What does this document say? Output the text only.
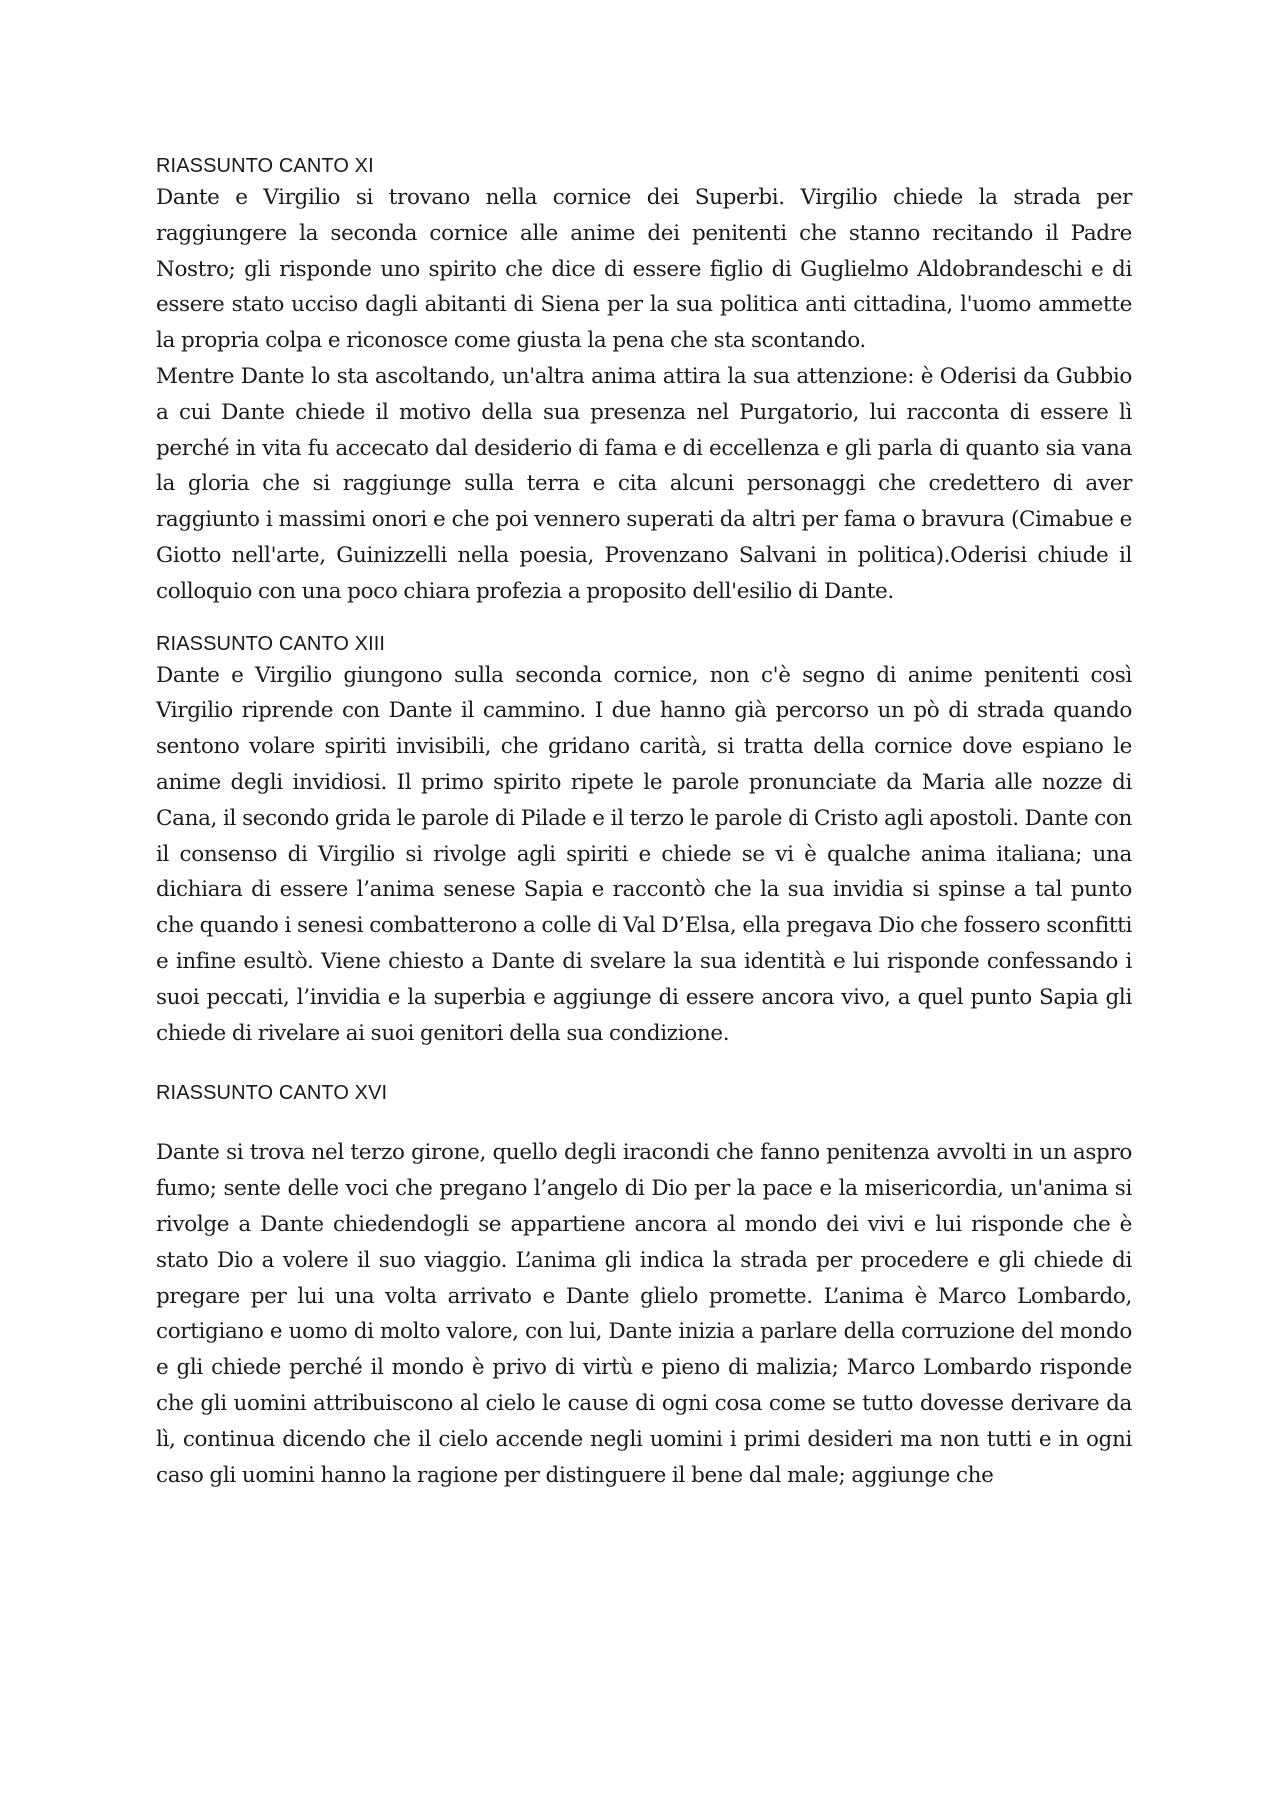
RIASSUNTO CANTO XI

Dante e Virgilio si trovano nella cornice dei Superbi. Virgilio chiede la strada per raggiungere la seconda cornice alle anime dei penitenti che stanno recitando il Padre Nostro; gli risponde uno spirito che dice di essere figlio di Guglielmo Aldobrandeschi e di essere stato ucciso dagli abitanti di Siena per la sua politica anti cittadina, l'uomo ammette la propria colpa e riconosce come giusta la pena che sta scontando.

Mentre Dante lo sta ascoltando, un'altra anima attira la sua attenzione: è Oderisi da Gubbio a cui Dante chiede il motivo della sua presenza nel Purgatorio, lui racconta di essere lì perché in vita fu accecato dal desiderio di fama e di eccellenza e gli parla di quanto sia vana la gloria che si raggiunge sulla terra e cita alcuni personaggi che credettero di aver raggiunto i massimi onori e che poi vennero superati da altri per fama o bravura (Cimabue e Giotto nell'arte, Guinizzelli nella poesia, Provenzano Salvani in politica).Oderisi chiude il colloquio con una poco chiara profezia a proposito dell'esilio di Dante.

RIASSUNTO CANTO XIII

Dante e Virgilio giungono sulla seconda cornice, non c'è segno di anime penitenti così Virgilio riprende con Dante il cammino. I due hanno già percorso un pò di strada quando sentono volare spiriti invisibili, che gridano carità, si tratta della cornice dove espiano le anime degli invidiosi. Il primo spirito ripete le parole pronunciate da Maria alle nozze di Cana, il secondo grida le parole di Pilade e il terzo le parole di Cristo agli apostoli. Dante con il consenso di Virgilio si rivolge agli spiriti e chiede se vi è qualche anima italiana; una dichiara di essere l’anima senese Sapia e raccontò che la sua invidia si spinse a tal punto che quando i senesi combatterono a colle di Val D’Elsa, ella pregava Dio che fossero sconfitti e infine esultò. Viene chiesto a Dante di svelare la sua identità e lui risponde confessando i suoi peccati, l’invidia e la superbia e aggiunge di essere ancora vivo, a quel punto Sapia gli chiede di rivelare ai suoi genitori della sua condizione.

RIASSUNTO CANTO XVI

Dante si trova nel terzo girone, quello degli iracondi che fanno penitenza avvolti in un aspro fumo; sente delle voci che pregano l’angelo di Dio per la pace e la misericordia, un'anima si rivolge a Dante chiedendogli se appartiene ancora al mondo dei vivi e lui risponde che è stato Dio a volere il suo viaggio. L’anima gli indica la strada per procedere e gli chiede di pregare per lui una volta arrivato e Dante glielo promette. L’anima è Marco Lombardo, cortigiano e uomo di molto valore, con lui, Dante inizia a parlare della corruzione del mondo e gli chiede perché il mondo è privo di virtù e pieno di malizia; Marco Lombardo risponde che gli uomini attribuiscono al cielo le cause di ogni cosa come se tutto dovesse derivare da lì, continua dicendo che il cielo accende negli uomini i primi desideri ma non tutti e in ogni caso gli uomini hanno la ragione per distinguere il bene dal male; aggiunge che
